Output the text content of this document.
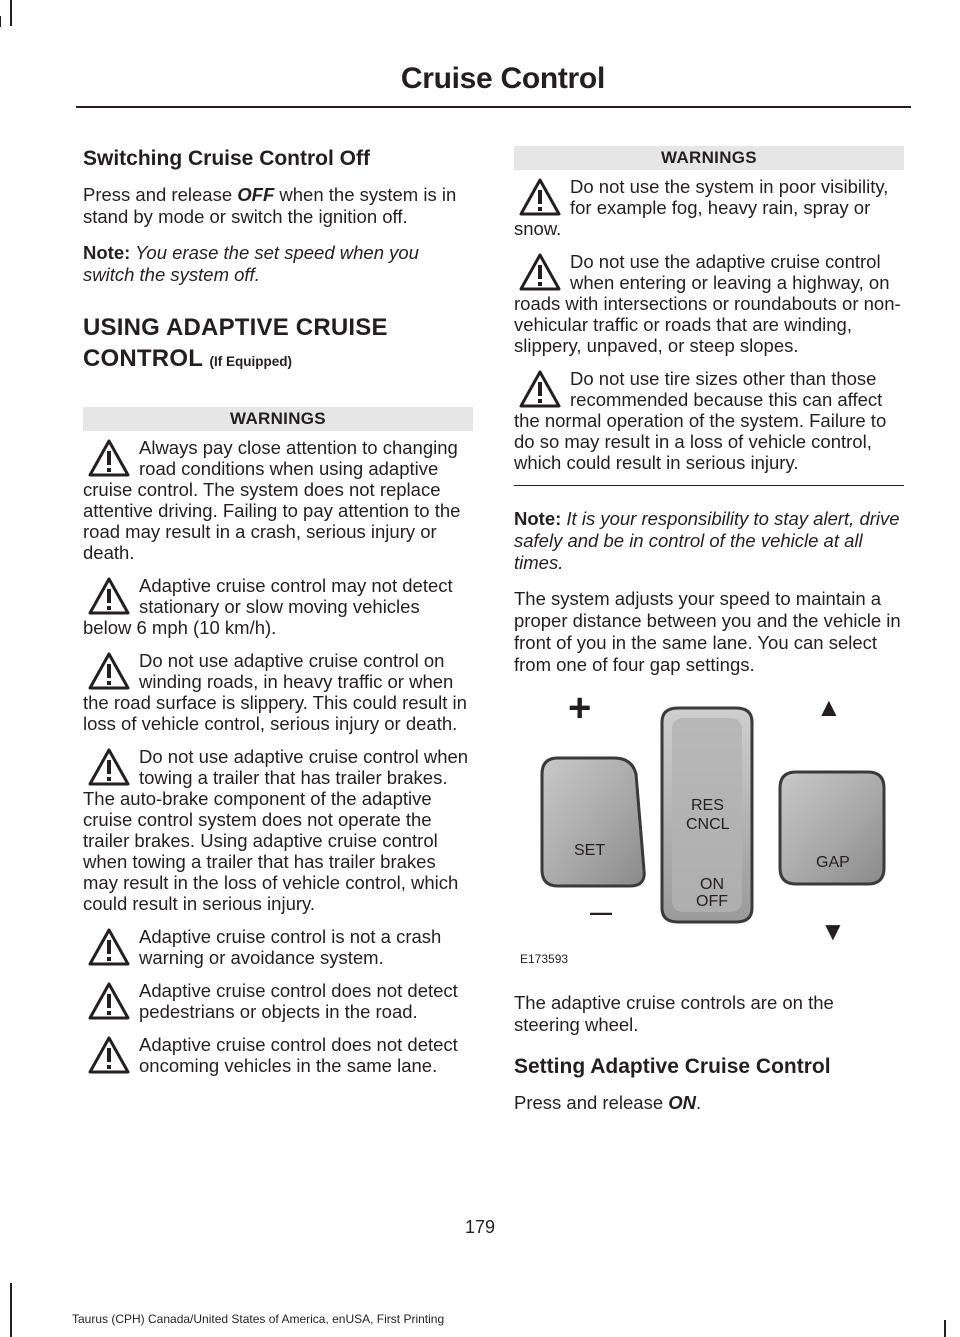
Cruise Control
Switching Cruise Control Off

Press and release OFF when the system is in stand by mode or switch the ignition off.

Note: You erase the set speed when you switch the system off.

USING ADAPTIVE CRUISE CONTROL (If Equipped)
WARNINGS
Always pay close attention to changing road conditions when using adaptive cruise control. The system does not replace attentive driving. Failing to pay attention to the road may result in a crash, serious injury or death.
Adaptive cruise control may not detect stationary or slow moving vehicles below 6 mph (10 km/h).
Do not use adaptive cruise control on winding roads, in heavy traffic or when the road surface is slippery. This could result in loss of vehicle control, serious injury or death.
Do not use adaptive cruise control when towing a trailer that has trailer brakes. The auto-brake component of the adaptive cruise control system does not operate the trailer brakes. Using adaptive cruise control when towing a trailer that has trailer brakes may result in the loss of vehicle control, which could result in serious injury.
Adaptive cruise control is not a crash warning or avoidance system.
Adaptive cruise control does not detect pedestrians or objects in the road.
Adaptive cruise control does not detect oncoming vehicles in the same lane.
WARNINGS
Do not use the system in poor visibility, for example fog, heavy rain, spray or snow.
Do not use the adaptive cruise control when entering or leaving a highway, on roads with intersections or roundabouts or non-vehicular traffic or roads that are winding, slippery, unpaved, or steep slopes.
Do not use tire sizes other than those recommended because this can affect the normal operation of the system. Failure to do so may result in a loss of vehicle control, which could result in serious injury.

Note: It is your responsibility to stay alert, drive safely and be in control of the vehicle at all times.

The system adjusts your speed to maintain a proper distance between you and the vehicle in front of you in the same lane. You can select from one of four gap settings.

+
—
SET
RES
CNCL
ON
OFF
GAP
▲
▼
E173593

The adaptive cruise controls are on the steering wheel.

Setting Adaptive Cruise Control

Press and release ON.

179
Taurus (CPH) Canada/United States of America, enUSA, First Printing
